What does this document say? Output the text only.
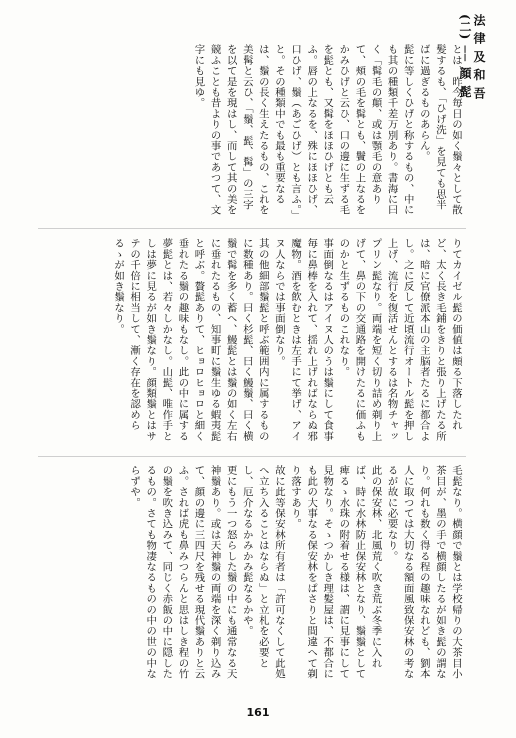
法 律 及 和 吾 (二) ── 顔 髭

とは、昨今毎日の如く鬚々として散髪するも、「ひげ洗」を見ても思半ばに過ぎるものあらん。

髭に等しくひげと称するもの、中にも其の種類千差万別あり。書海に曰く「髯毛の顛、或は顎毛の意ありて、頰の毛を髯とも、鬢の上なるをかみひげと云ひ、口の邊に生ずる毛を髭とも、又髯をほほひげとも云ふ。唇の上なるを、殊にほほひげ、口ひげ、鬚（あごひげ）とも言ふ。」と。その種類中でも最も重要なるは、鬚の長く生えたるもの、これを美髯と云ひ、「鬚、髭、髯」の三字を以て是を現はし、而して其の美を競ふことも昔よりの事であつて、文字にも見ゆ。

りてカイゼル髭の価値は頗る下落したれど、太く長き毛鋪をきりと張り上げたる所は、暗に官僚派本山の主脳者たるに都合よし。之に反して近頃流行オートル髭を押し上げ、流行を復活せんとするは名物チャップリン髭なり。両端を短く切り詰め剃り上げて、鼻の下の交通路を開けたるに価ふものかと生ずるものこれなり。

事面倒なるはアイヌ人のうは鬚にして食事毎に鼻棒を入れて、揺れ上げればならぬ邪魔物。酒を飲むときは左手にて挙げ、アイヌ人ならでは事面倒なり。

其の他細部鬚髭と呼ぶ範囲内に属するものに数種あり。曰く杉髭、曰く鰻鬚、曰く横鬚で髯を多く蓄へ、鰻髭とは鬚の如く左右に垂れたるもの、知事町に鬚生ゆる蝦夷髭と呼ぶ。贅髭ありて、ヒョロヒョロと細く垂れたる鬚の趣味もなし。此の中に属する夢髭とは、若々しかなし。山髭、唯作手としは夢に見るが如き鬚なり。顔類鬚とはサテの千倍に相当して、漸く存在を認めらるゝが如き鬚なり。

毛髭なり。横顔で鬚とは学校帰りの大茶目小茶目が、墨の手で横顔したるが如き髭の謂なり。何れも数く得る程の趣味なれども、劉本人に取つては大切なる額面風致保安林の考なるが故に必要なり。

此の保安林、北風荒く吹き荒ぶ冬季に入れば、時に水林防止保安林となり、鬚鬚として痺るゝ水珠の附着せる様は、謂に見事にして見物なり。そゝつかしき理髪屋は、不都合にも此の大事なる保安林をぱさりと間違へて剃り落すあり。

故に此等保安林所有者は「許可なくして此処へ立ち入ることはならぬ」と立札を必要とし、厄介なるかみかみ髭なるかや。

更にもう一つ怒らした鬚の中にも通常なる天神鬚あり。或は天神鬚の両端を深く剃り込みて、顔の邊に三四尺を残せる現代鬚ありと云ふ。されば虎も鼻みつらんと思はしき程の竹の鬚を吹き込みて、同じく赤飯の中に隠したるもの。さても物凄なるものの中の世の中ならずや。

161
